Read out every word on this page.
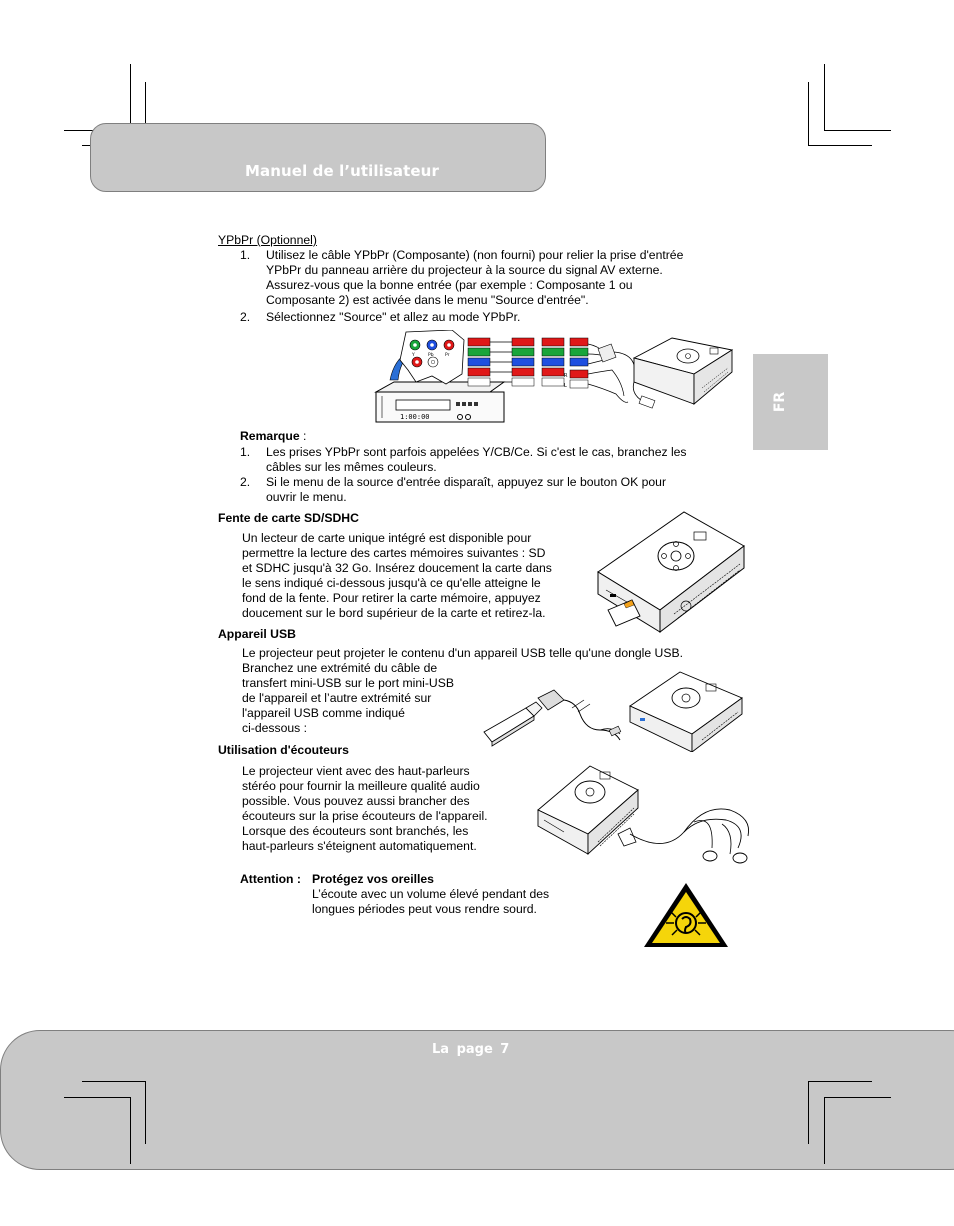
Manuel de l’utilisateur
FR
YPbPr (Optionnel)
1. Utilisez le câble YPbPr (Composante) (non fourni) pour relier la prise d'entrée
YPbPr du panneau arrière du projecteur à la source du signal AV externe.
Assurez-vous que la bonne entrée (par exemple : Composante 1 ou
Composante 2) est activée dans le menu "Source d'entrée".
2. Sélectionnez "Source" et allez au mode YPbPr.
1:00:00
Y	Pb	Pr
R
L
Remarque :
1. Les prises YPbPr sont parfois appelées Y/CB/Ce. Si c'est le cas, branchez les
câbles sur les mêmes couleurs.
2. Si le menu de la source d'entrée disparaît, appuyez sur le bouton OK pour
ouvrir le menu.
Fente de carte SD/SDHC
Un lecteur de carte unique intégré est disponible pour
permettre la lecture des cartes mémoires suivantes : SD
et SDHC jusqu'à 32 Go. Insérez doucement la carte dans
le sens indiqué ci-dessous jusqu'à ce qu'elle atteigne le
fond de la fente. Pour retirer la carte mémoire, appuyez
doucement sur le bord supérieur de la carte et retirez-la.
Appareil USB
Le projecteur peut projeter le contenu d'un appareil USB telle qu'une dongle USB.
Branchez une extrémité du câble de
transfert mini-USB sur le port mini-USB
de l'appareil et l’autre extrémité sur
l'appareil USB comme indiqué
ci-dessous :
Utilisation d'écouteurs
Le projecteur vient avec des haut-parleurs
stéréo pour fournir la meilleure qualité audio
possible. Vous pouvez aussi brancher des
écouteurs sur la prise écouteurs de l'appareil.
Lorsque des écouteurs sont branchés, les
haut-parleurs s'éteignent automatiquement.
Attention : Protégez vos oreilles
L’écoute avec un volume élevé pendant des
longues périodes peut vous rendre sourd.
La page 7
